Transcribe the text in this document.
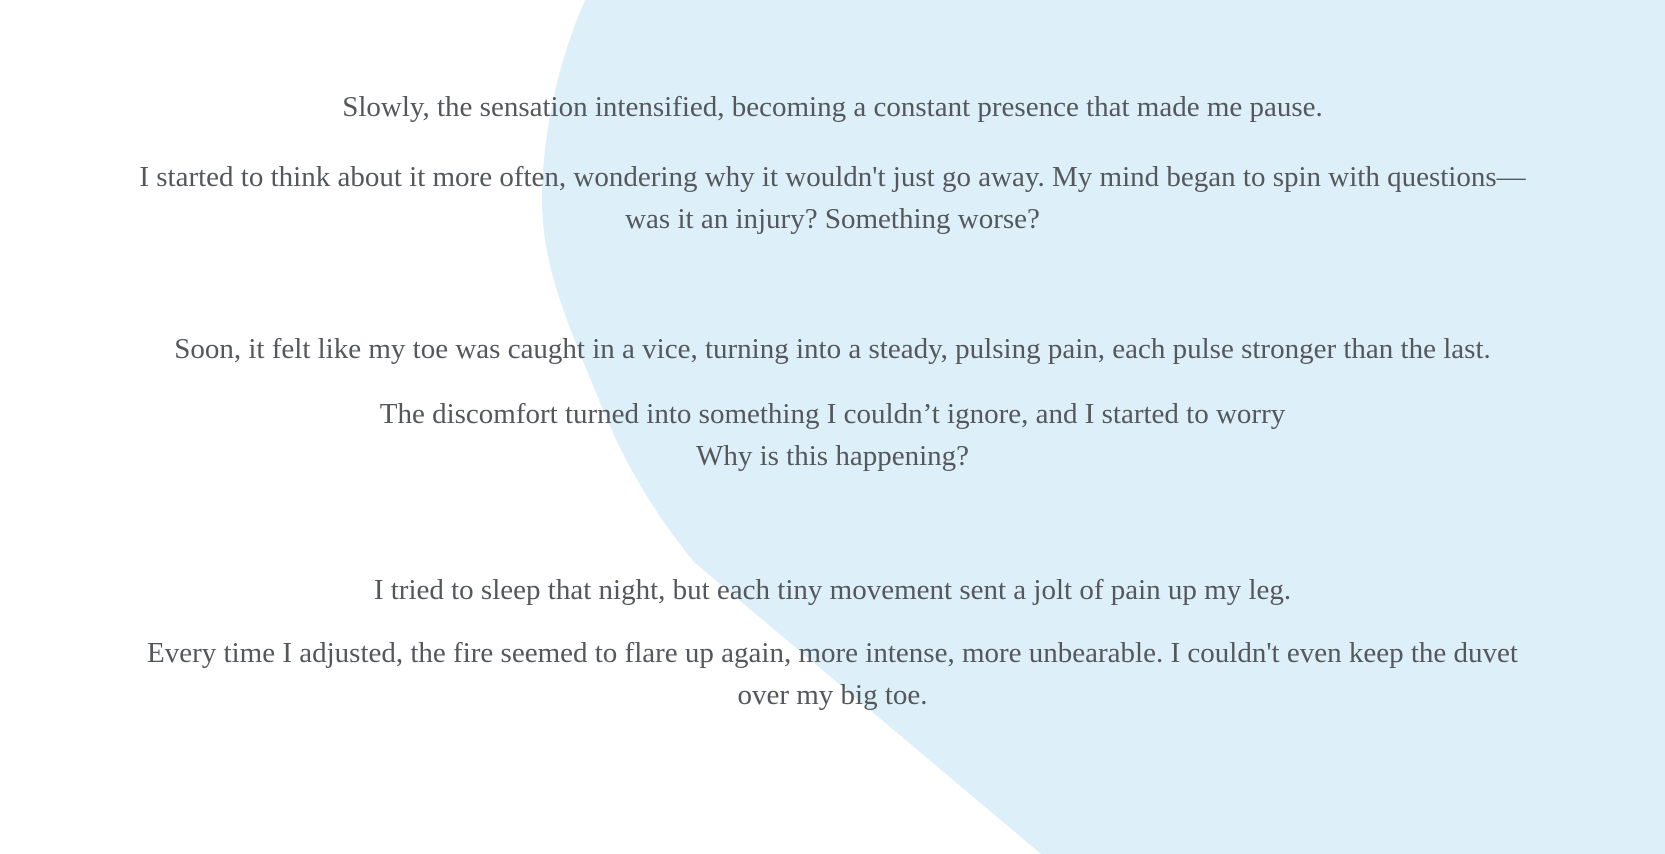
Slowly, the sensation intensified, becoming a constant presence that made me pause.
I started to think about it more often, wondering why it wouldn't just go away. My mind began to spin with questions—
was it an injury? Something worse?
Soon, it felt like my toe was caught in a vice, turning into a steady, pulsing pain, each pulse stronger than the last.
The discomfort turned into something I couldn’t ignore, and I started to worry
Why is this happening?
I tried to sleep that night, but each tiny movement sent a jolt of pain up my leg.
Every time I adjusted, the fire seemed to flare up again, more intense, more unbearable. I couldn't even keep the duvet
over my big toe.
